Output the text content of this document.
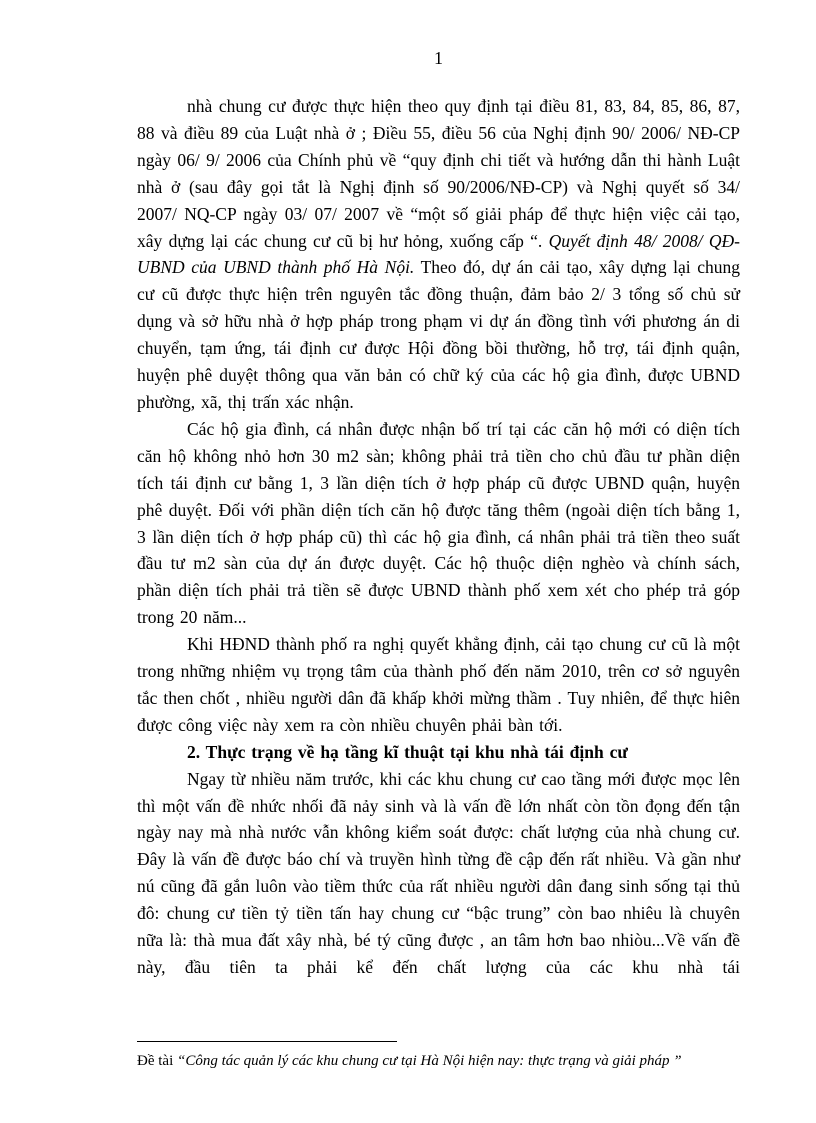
1

nhà chung cư được thực hiện theo quy định tại điều 81, 83, 84, 85, 86, 87, 88 và điều 89 của Luật nhà ở ; Điều 55, điều 56 của Nghị định 90/ 2006/ NĐ-CP ngày 06/ 9/ 2006 của Chính phủ về “quy định chi tiết và hướng dẫn thi hành Luật nhà ở (sau đây gọi tắt là Nghị định số 90/2006/NĐ-CP) và Nghị quyết số 34/ 2007/ NQ-CP ngày 03/ 07/ 2007 về “một số giải pháp để thực hiện việc cải tạo, xây dựng lại các chung cư cũ bị hư hỏng, xuống cấp “. Quyết định 48/ 2008/ QĐ-UBND của UBND thành phố Hà Nội. Theo đó, dự án cải tạo, xây dựng lại chung cư cũ được thực hiện trên nguyên tắc đồng thuận, đảm bảo 2/ 3 tổng số chủ sử dụng và sở hữu nhà ở hợp pháp trong phạm vi dự án đồng tình với phương án di chuyển, tạm ứng, tái định cư được Hội đồng bồi thường, hỗ trợ, tái định quận, huyện phê duyệt thông qua văn bản có chữ ký của các hộ gia đình, được UBND phường, xã, thị trấn xác nhận.

Các hộ gia đình, cá nhân được nhận bố trí tại các căn hộ mới có diện tích căn hộ không nhỏ hơn 30 m2 sàn; không phải trả tiền cho chủ đầu tư phần diện tích tái định cư bằng 1, 3 lần diện tích ở hợp pháp cũ được UBND quận, huyện phê duyệt. Đối với phần diện tích căn hộ được tăng thêm (ngoài diện tích bằng 1, 3 lần diện tích ở hợp pháp cũ) thì các hộ gia đình, cá nhân phải trả tiền theo suất đầu tư m2 sàn của dự án được duyệt. Các hộ thuộc diện nghèo và chính sách, phần diện tích phải trả tiền sẽ được UBND thành phố xem xét cho phép trả góp trong 20 năm...

Khi HĐND thành phố ra nghị quyết khẳng định, cải tạo chung cư cũ là một trong những nhiệm vụ trọng tâm của thành phố đến năm 2010, trên cơ sở nguyên tắc then chốt , nhiều người dân đã khấp khởi mừng thầm . Tuy nhiên, để thực hiên được công việc này xem ra còn nhiều chuyên phải bàn tới.

2. Thực trạng về hạ tầng kĩ thuật tại khu nhà tái định cư

Ngay từ nhiều năm trước, khi các khu chung cư cao tầng mới được mọc lên thì một vấn đề nhức nhối đã nảy sinh và là vấn đề lớn nhất còn tồn đọng đến tận ngày nay mà nhà nước vẫn không kiểm soát được: chất lượng của nhà chung cư. Đây là vấn đề được báo chí và truyền hình từng đề cập đến rất nhiều. Và gần như nú cũng đã gắn luôn vào tiềm thức của rất nhiều người dân đang sinh sống tại thủ đô: chung cư tiền tỷ tiền tấn hay chung cư “bậc trung” còn bao nhiêu là chuyên nữa là: thà mua đất xây nhà, bé tý cũng được , an tâm hơn bao nhiòu...Về vấn đề này, đầu tiên ta phải kể đến chất lượng của các khu nhà tái

Đề tài “Công tác quản lý các khu chung cư tại Hà Nội hiện nay: thực trạng và giải pháp ”
